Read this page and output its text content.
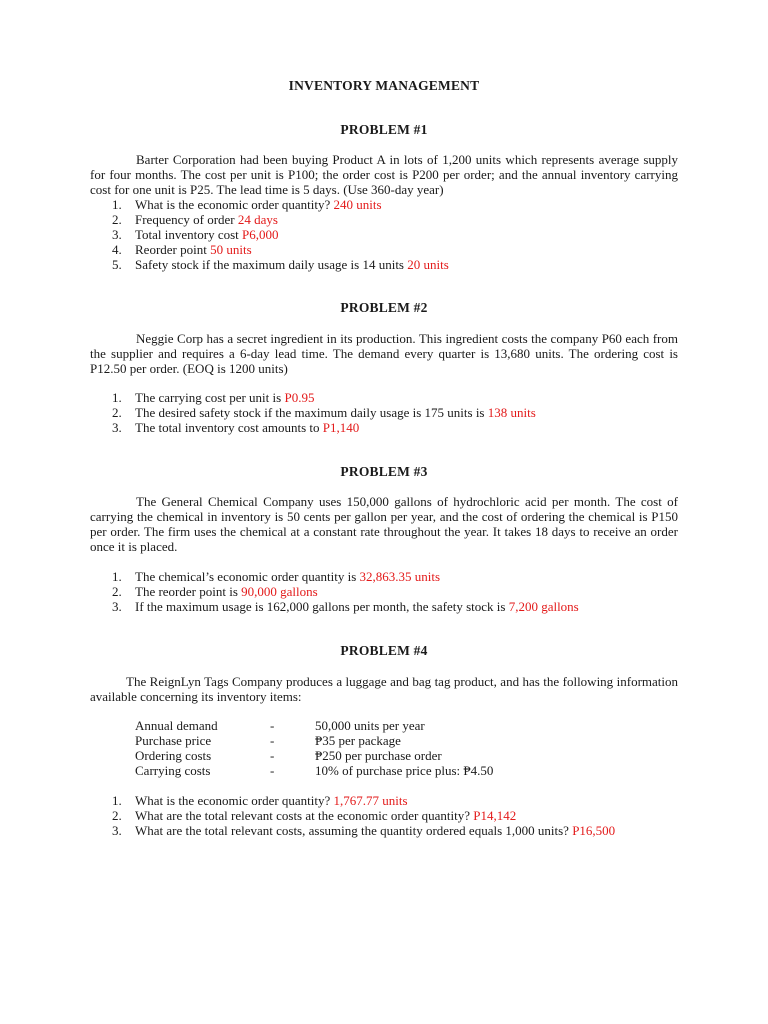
INVENTORY MANAGEMENT
PROBLEM #1

Barter Corporation had been buying Product A in lots of 1,200 units which represents average supply for four months. The cost per unit is P100; the order cost is P200 per order; and the annual inventory carrying cost for one unit is P25. The lead time is 5 days. (Use 360-day year)

1. What is the economic order quantity? 240 units
2. Frequency of order 24 days
3. Total inventory cost P6,000
4. Reorder point 50 units
5. Safety stock if the maximum daily usage is 14 units 20 units
PROBLEM #2

Neggie Corp has a secret ingredient in its production. This ingredient costs the company P60 each from the supplier and requires a 6-day lead time. The demand every quarter is 13,680 units. The ordering cost is P12.50 per order. (EOQ is 1200 units)

1. The carrying cost per unit is P0.95
2. The desired safety stock if the maximum daily usage is 175 units is 138 units
3. The total inventory cost amounts to P1,140
PROBLEM #3

The General Chemical Company uses 150,000 gallons of hydrochloric acid per month. The cost of carrying the chemical in inventory is 50 cents per gallon per year, and the cost of ordering the chemical is P150 per order. The firm uses the chemical at a constant rate throughout the year. It takes 18 days to receive an order once it is placed.

1. The chemical’s economic order quantity is 32,863.35 units
2. The reorder point is 90,000 gallons
3. If the maximum usage is 162,000 gallons per month, the safety stock is 7,200 gallons
PROBLEM #4

The ReignLyn Tags Company produces a luggage and bag tag product, and has the following information available concerning its inventory items:

Annual demand	-	50,000 units per year
Purchase price	-	₱35 per package
Ordering costs	-	₱250 per purchase order
Carrying costs	-	10% of purchase price plus: ₱4.50
1. What is the economic order quantity? 1,767.77 units
2. What are the total relevant costs at the economic order quantity? P14,142
3. What are the total relevant costs, assuming the quantity ordered equals 1,000 units? P16,500
